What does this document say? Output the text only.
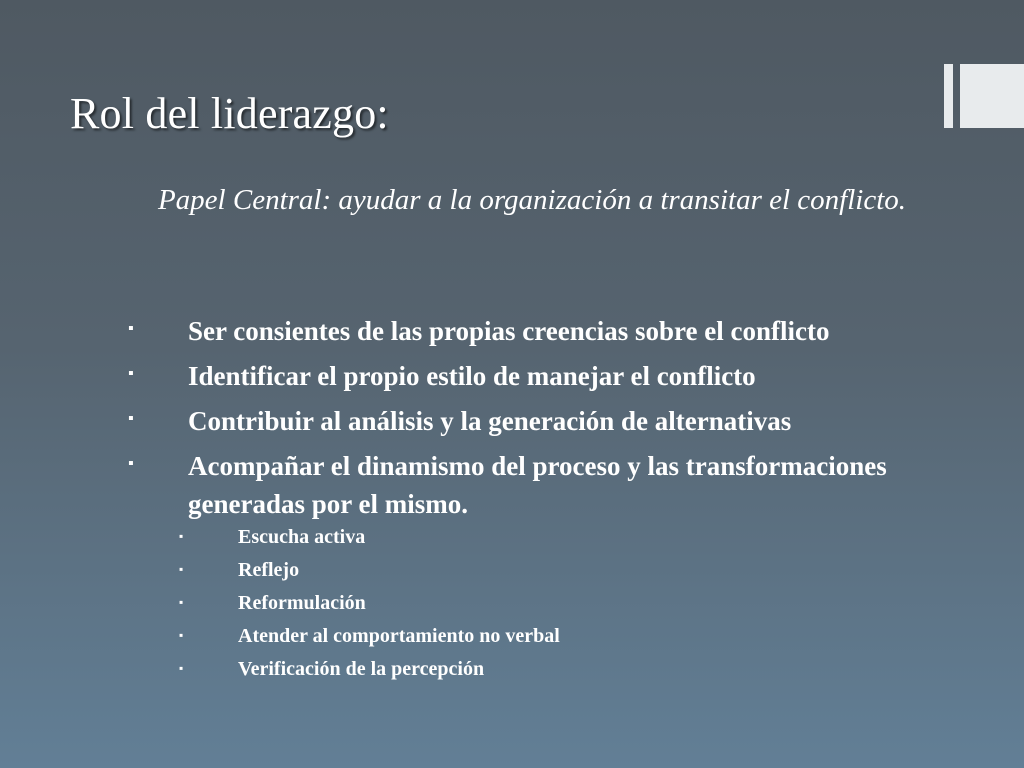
Rol del liderazgo:

Papel Central: ayudar a la organización a transitar el conflicto.

▪ Ser consientes de las propias creencias sobre el conflicto
▪ Identificar el propio estilo de manejar el conflicto
▪ Contribuir al análisis y la generación de alternativas
▪ Acompañar el dinamismo del proceso y las transformaciones generadas por el mismo.
▪	Escucha activa
▪	Reflejo
▪	Reformulación
▪	Atender al comportamiento no verbal
▪	Verificación de la percepción
